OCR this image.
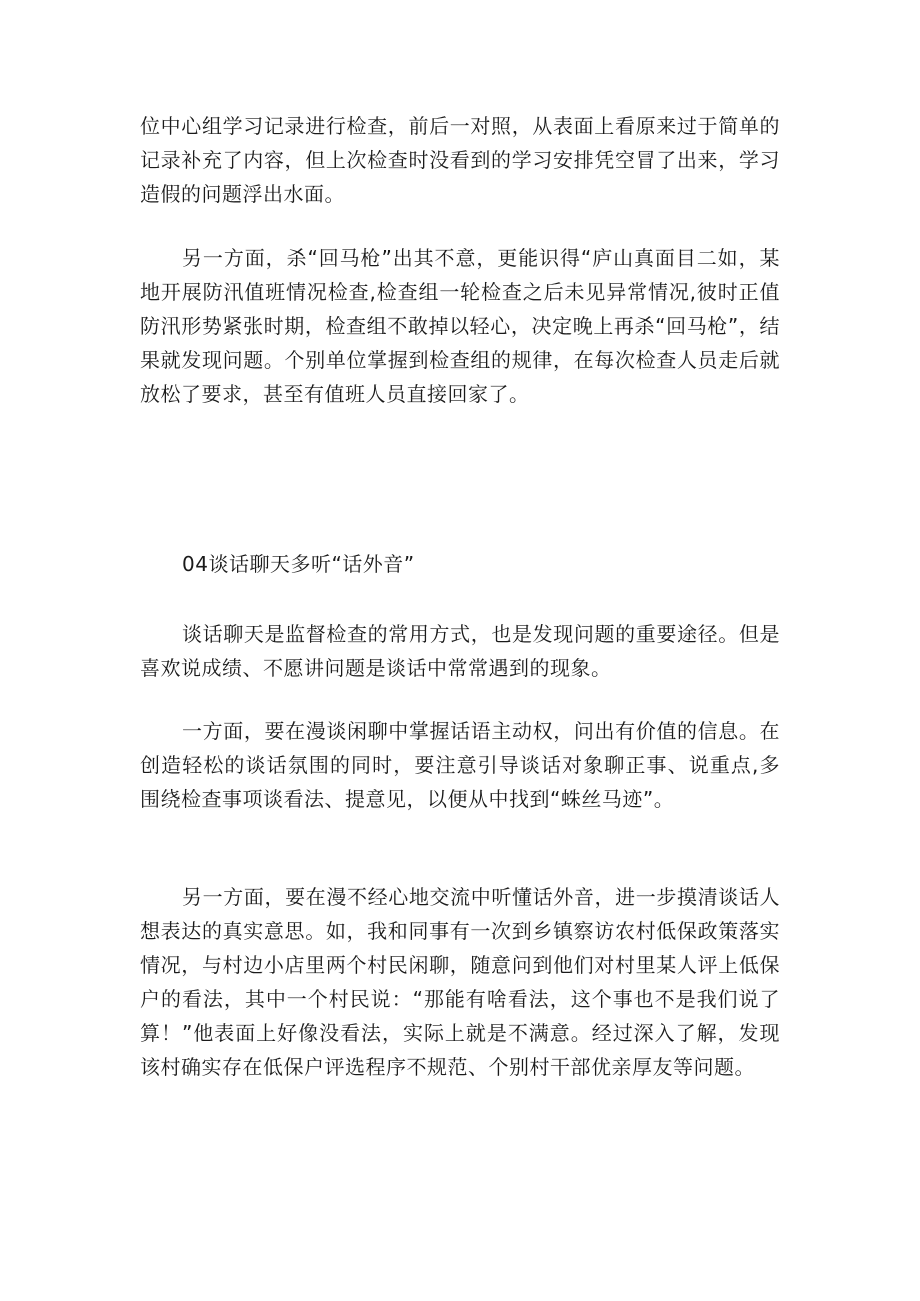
位中心组学习记录进行检查，前后一对照，从表面上看原来过于简单的记录补充了内容，但上次检查时没看到的学习安排凭空冒了出来，学习造假的问题浮出水面。

另一方面，杀“回马枪”出其不意，更能识得“庐山真面目二如，某地开展防汛值班情况检查,检查组一轮检查之后未见异常情况,彼时正值防汛形势紧张时期，检查组不敢掉以轻心，决定晚上再杀“回马枪”，结果就发现问题。个别单位掌握到检查组的规律，在每次检查人员走后就放松了要求，甚至有值班人员直接回家了。

04谈话聊天多听“话外音”

谈话聊天是监督检查的常用方式，也是发现问题的重要途径。但是喜欢说成绩、不愿讲问题是谈话中常常遇到的现象。

一方面，要在漫谈闲聊中掌握话语主动权，问出有价值的信息。在创造轻松的谈话氛围的同时，要注意引导谈话对象聊正事、说重点,多围绕检查事项谈看法、提意见，以便从中找到“蛛丝马迹”。

另一方面，要在漫不经心地交流中听懂话外音，进一步摸清谈话人想表达的真实意思。如，我和同事有一次到乡镇察访农村低保政策落实情况，与村边小店里两个村民闲聊，随意问到他们对村里某人评上低保户的看法，其中一个村民说：“那能有啥看法，这个事也不是我们说了算！”他表面上好像没看法，实际上就是不满意。经过深入了解，发现该村确实存在低保户评选程序不规范、个别村干部优亲厚友等问题。
